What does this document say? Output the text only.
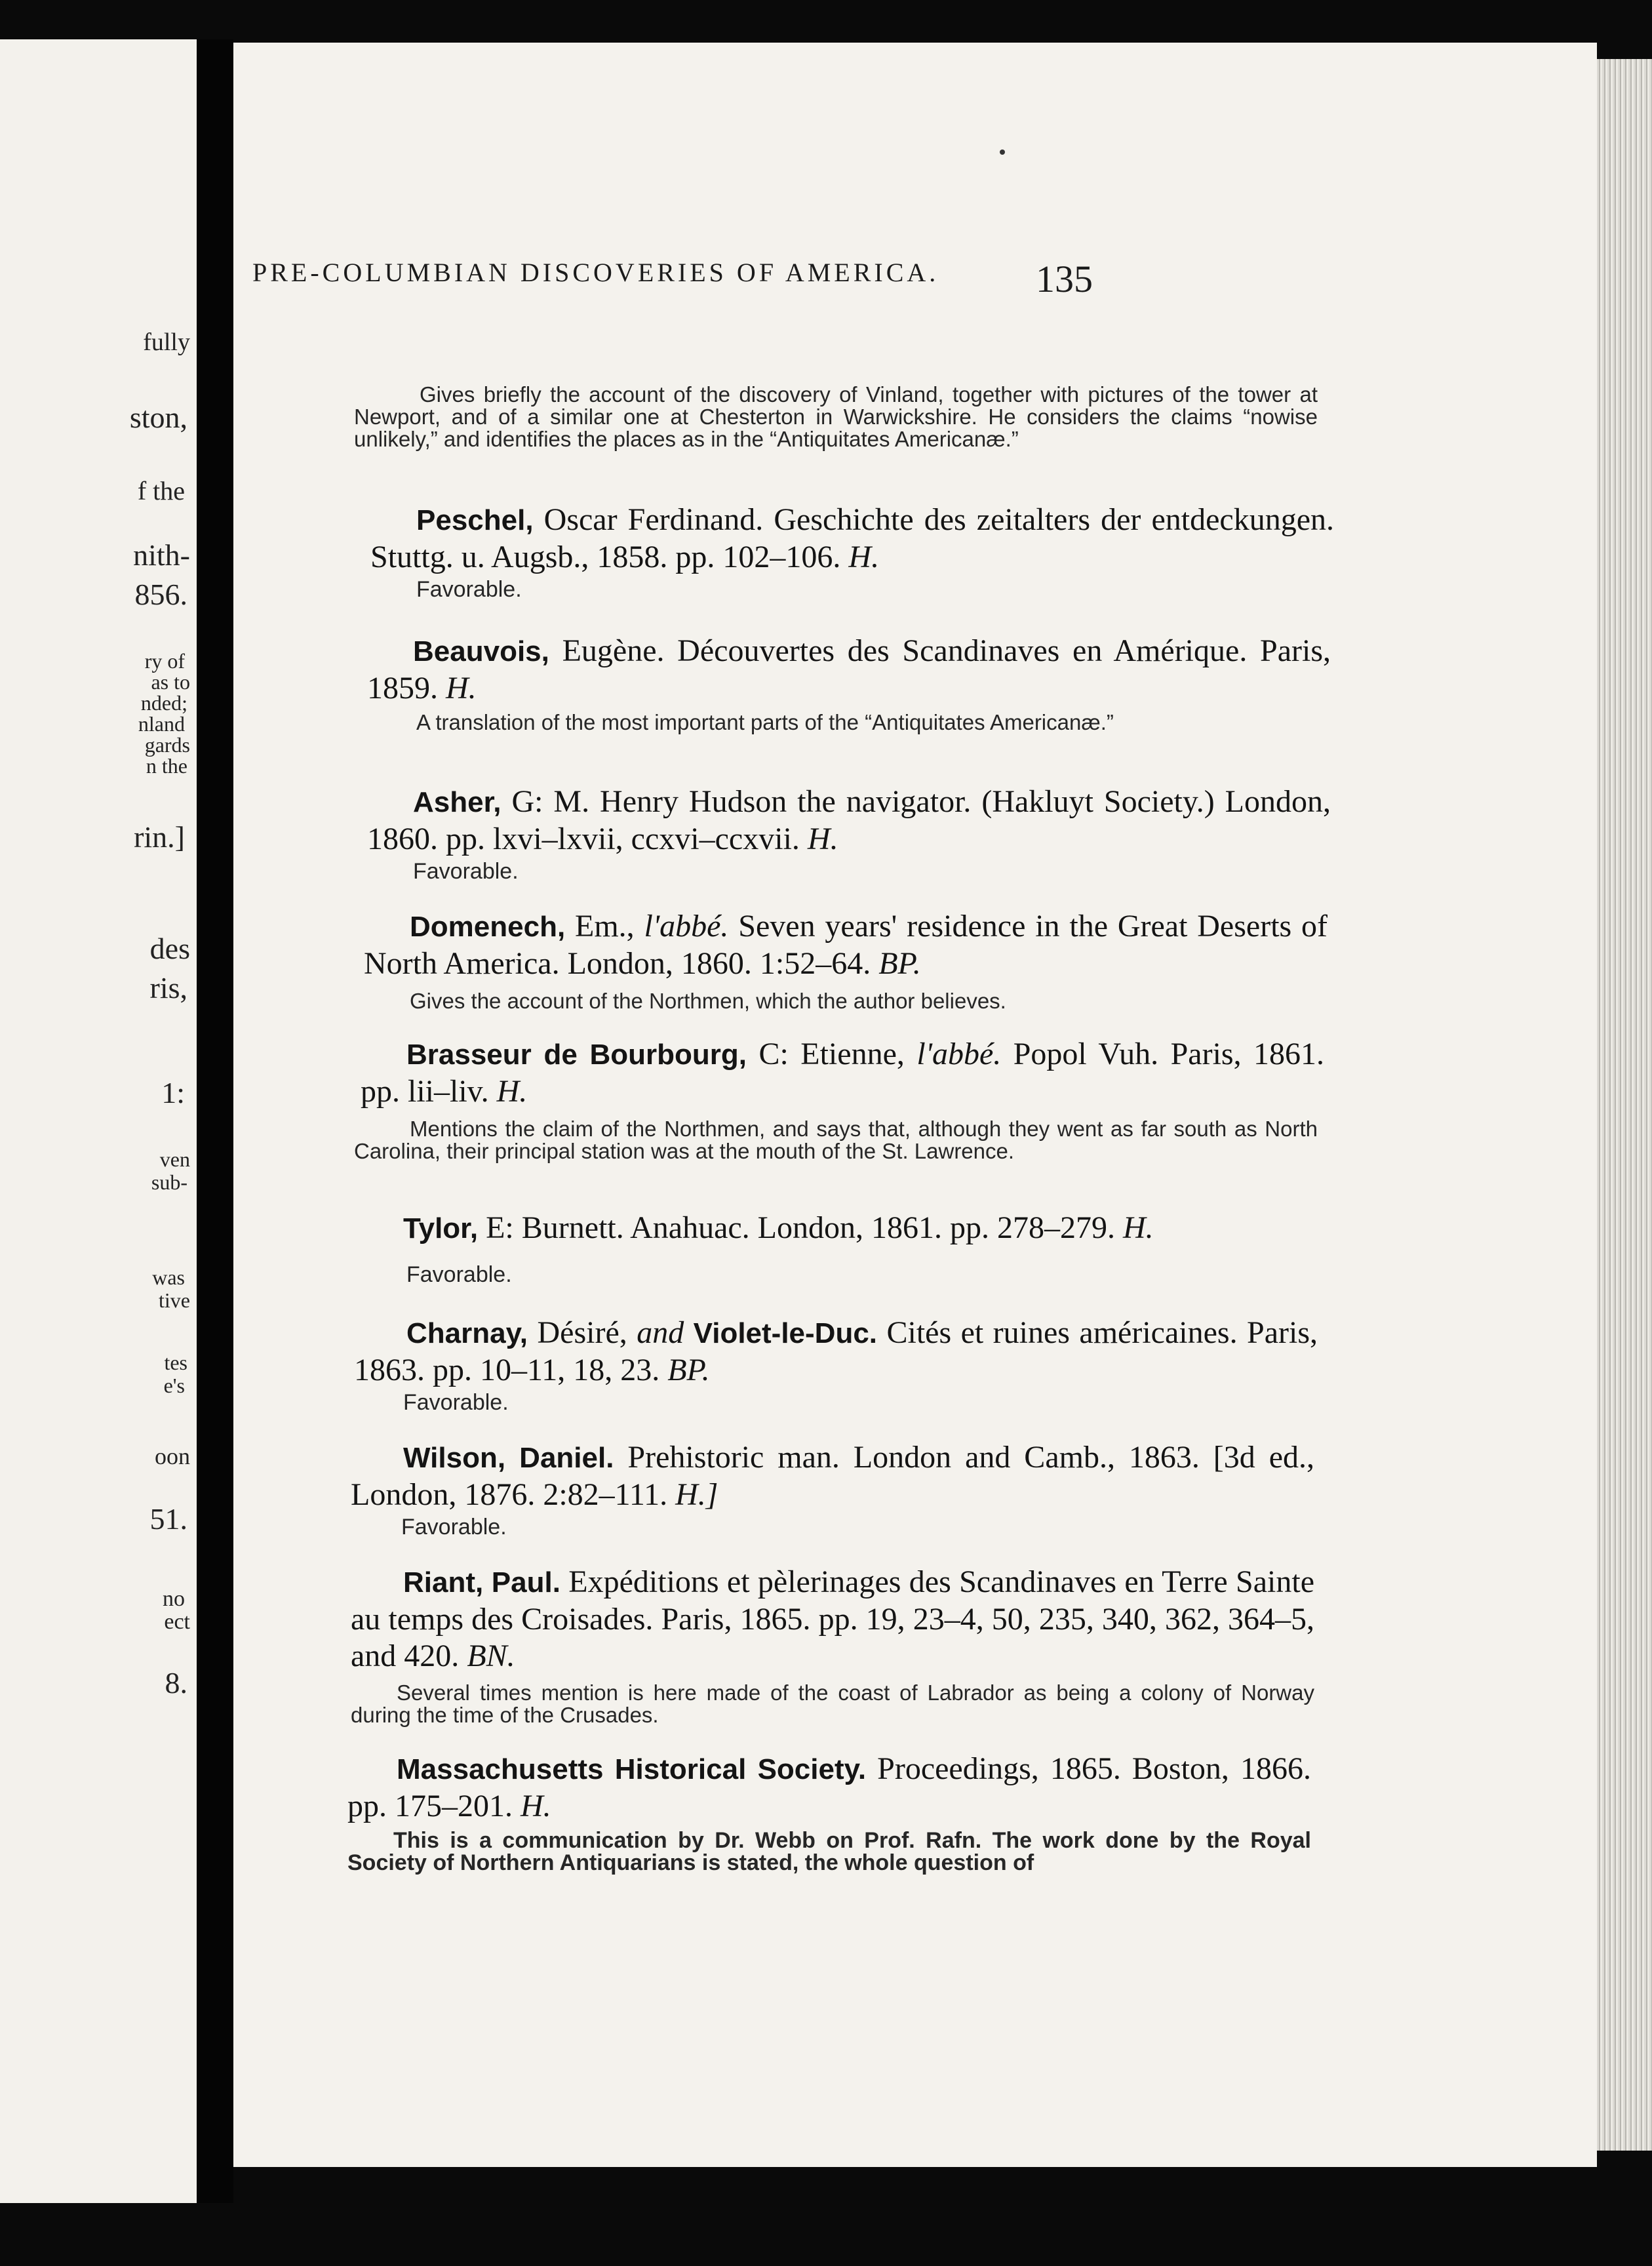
fully
ston,
f the
nith-
856.
ry of
as to
nded;
nland
gards
n the
rin.]
des
ris,
1:
ven
sub-
was
tive
tes
e's
oon
51.
no
ect
8.
PRE-COLUMBIAN DISCOVERIES OF AMERICA.	135
Gives briefly the account of the discovery of Vinland, together with pictures of the tower at Newport, and of a similar one at Chesterton in Warwickshire. He considers the claims “nowise unlikely,” and identifies the places as in the “Antiquitates Americanæ.”
Peschel, Oscar Ferdinand. Geschichte des zeitalters der entdeckungen. Stuttg. u. Augsb., 1858. pp. 102–106. H.
Favorable.
Beauvois, Eugène. Découvertes des Scandinaves en Amérique. Paris, 1859. H.
A translation of the most important parts of the “Antiquitates Americanæ.”
Asher, G: M. Henry Hudson the navigator. (Hakluyt Society.) London, 1860. pp. lxvi–lxvii, ccxvi–ccxvii. H.
Favorable.
Domenech, Em., l'abbé. Seven years' residence in the Great Deserts of North America. London, 1860. 1:52–64. BP.
Gives the account of the Northmen, which the author believes.
Brasseur de Bourbourg, C: Etienne, l'abbé. Popol Vuh. Paris, 1861. pp. lii–liv. H.
Mentions the claim of the Northmen, and says that, although they went as far south as North Carolina, their principal station was at the mouth of the St. Lawrence.
Tylor, E: Burnett. Anahuac. London, 1861. pp. 278–279. H.
Favorable.
Charnay, Désiré, and Violet-le-Duc. Cités et ruines américaines. Paris, 1863. pp. 10–11, 18, 23. BP.
Favorable.
Wilson, Daniel. Prehistoric man. London and Camb., 1863. [3d ed., London, 1876. 2:82–111. H.]
Favorable.
Riant, Paul. Expéditions et pèlerinages des Scandinaves en Terre Sainte au temps des Croisades. Paris, 1865. pp. 19, 23–4, 50, 235, 340, 362, 364–5, and 420. BN.
Several times mention is here made of the coast of Labrador as being a colony of Norway during the time of the Crusades.
Massachusetts Historical Society. Proceedings, 1865. Boston, 1866. pp. 175–201. H.
This is a communication by Dr. Webb on Prof. Rafn. The work done by the Royal Society of Northern Antiquarians is stated, the whole question of
